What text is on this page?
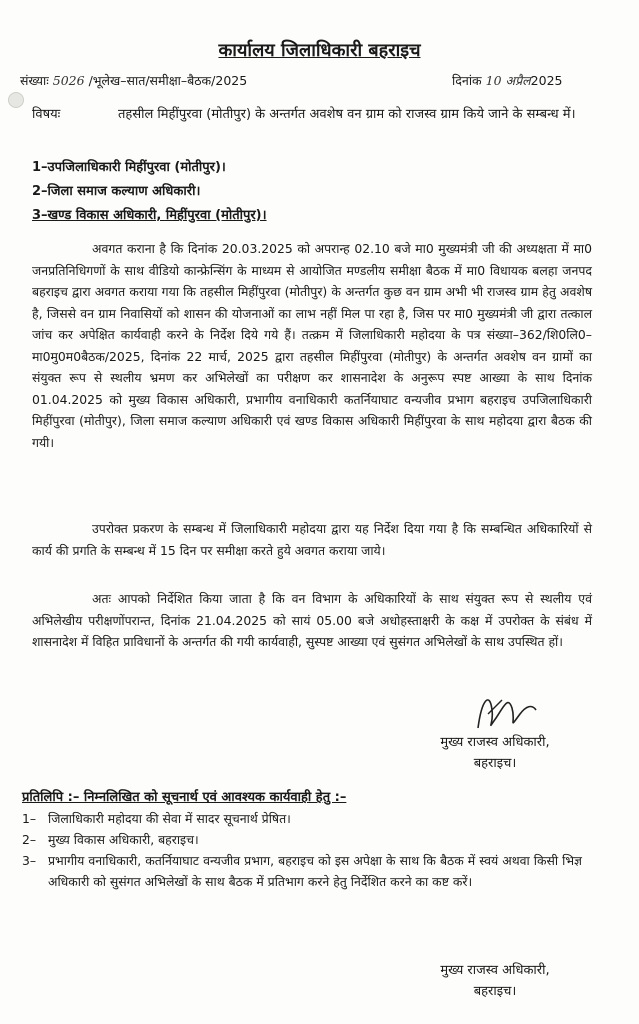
कार्यालय जिलाधिकारी बहराइच
संख्याः 5026 /भूलेख–सात/समीक्षा–बैठक/2025	दिनांक 10 अप्रैल2025
विषयः	तहसील मिहींपुरवा (मोतीपुर) के अन्तर्गत अवशेष वन ग्राम को राजस्व ग्राम किये जाने के सम्बन्ध में।
1–उपजिलाधिकारी मिहींपुरवा (मोतीपुर)।
2–जिला समाज कल्याण अधिकारी।
3–खण्ड विकास अधिकारी, मिहींपुरवा (मोतीपुर)।
अवगत कराना है कि दिनांक 20.03.2025 को अपरान्ह 02.10 बजे मा0 मुख्यमंत्री जी की अध्यक्षता में मा0 जनप्रतिनिधिगणों के साथ वीडियो कान्फ्रेन्सिंग के माध्यम से आयोजित मण्डलीय समीक्षा बैठक में मा0 विधायक बलहा जनपद बहराइच द्वारा अवगत कराया गया कि तहसील मिहींपुरवा (मोतीपुर) के अन्तर्गत कुछ वन ग्राम अभी भी राजस्व ग्राम हेतु अवशेष है, जिससे वन ग्राम निवासियों को शासन की योजनाओं का लाभ नहीं मिल पा रहा है, जिस पर मा0 मुख्यमंत्री जी द्वारा तत्काल जांच कर अपेक्षित कार्यवाही करने के निर्देश दिये गये हैं। तत्क्रम में जिलाधिकारी महोदया के पत्र संख्या–362/शि0लि0–मा0मु0म0बैठक/2025, दिनांक 22 मार्च, 2025 द्वारा तहसील मिहींपुरवा (मोतीपुर) के अन्तर्गत अवशेष वन ग्रामों का संयुक्त रूप से स्थलीय भ्रमण कर अभिलेखों का परीक्षण कर शासनादेश के अनुरूप स्पष्ट आख्या के साथ दिनांक 01.04.2025 को मुख्य विकास अधिकारी, प्रभागीय वनाधिकारी कतर्नियाघाट वन्यजीव प्रभाग बहराइच उपजिलाधिकारी मिहींपुरवा (मोतीपुर), जिला समाज कल्याण अधिकारी एवं खण्ड विकास अधिकारी मिहींपुरवा के साथ महोदया द्वारा बैठक की गयी।
उपरोक्त प्रकरण के सम्बन्ध में जिलाधिकारी महोदया द्वारा यह निर्देश दिया गया है कि सम्बन्धित अधिकारियों से कार्य की प्रगति के सम्बन्ध में 15 दिन पर समीक्षा करते हुये अवगत कराया जाये।
अतः आपको निर्देशित किया जाता है कि वन विभाग के अधिकारियों के साथ संयुक्त रूप से स्थलीय एवं अभिलेखीय परीक्षणोंपरान्त, दिनांक 21.04.2025 को सायं 05.00 बजे अधोहस्ताक्षरी के कक्ष में उपरोक्त के संबंध में शासनादेश में विहित प्राविधानों के अन्तर्गत की गयी कार्यवाही, सुस्पष्ट आख्या एवं सुसंगत अभिलेखों के साथ उपस्थित हों।
मुख्य राजस्व अधिकारी,
बहराइच।
प्रतिलिपि :– निम्नलिखित को सूचनार्थ एवं आवश्यक कार्यवाही हेतु :–
1– जिलाधिकारी महोदया की सेवा में सादर सूचनार्थ प्रेषित।
2– मुख्य विकास अधिकारी, बहराइच।
3– प्रभागीय वनाधिकारी, कतर्नियाघाट वन्यजीव प्रभाग, बहराइच को इस अपेक्षा के साथ कि बैठक में स्वयं अथवा किसी भिज्ञ अधिकारी को सुसंगत अभिलेखों के साथ बैठक में प्रतिभाग करने हेतु निर्देशित करने का कष्ट करें।
मुख्य राजस्व अधिकारी,
बहराइच।
